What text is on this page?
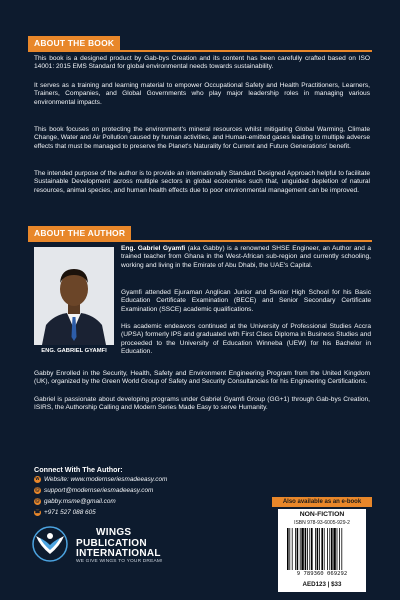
ABOUT THE BOOK

This book is a designed product by Gab-bys Creation and its content has been carefully crafted based on ISO 14001: 2015 EMS Standard for global environmental needs towards sustainability.

It serves as a training and learning material to empower Occupational Safety and Health Practitioners, Learners, Trainers, Companies, and Global Governments who play major leadership roles in managing various environmental impacts.

This book focuses on protecting the environment's mineral resources whilst mitigating Global Warming, Climate Change, Water and Air Pollution caused by human activities, and Human-emitted gases leading to multiple adverse effects that must be managed to preserve the Planet's Naturality for Current and Future Generations' benefit.

The intended purpose of the author is to provide an internationally Standard Designed Approach helpful to facilitate Sustainable Development across multiple sectors in global economies such that, unguided depletion of natural resources, animal species, and human health effects due to poor environmental management can be improved.

ABOUT THE AUTHOR
ENG. GABRIEL GYAMFI

Eng. Gabriel Gyamfi (aka Gabby) is a renowned SHSE Engineer, an Author and a trained teacher from Ghana in the West-African sub-region and currently schooling, working and living in the Emirate of Abu Dhabi, the UAE's Capital.

Gyamfi attended Ejuraman Anglican Junior and Senior High School for his Basic Education Certificate Examination (BECE) and Senior Secondary Certificate Examination (SSCE) academic qualifications.

His academic endeavors continued at the University of Professional Studies Accra (UPSA) formerly IPS and graduated with First Class Diploma in Business Studies and proceeded to the University of Education Winneba (UEW) for his Bachelor in Education.

Gabby Enrolled in the Security, Health, Safety and Environment Engineering Program from the United Kingdom (UK), organized by the Green World Group of Safety and Security Consultancies for his Engineering Certifications.

Gabriel is passionate about developing programs under Gabriel Gyamfi Group (GG+1) through Gab-bys Creation, ISIRS, the Authorship Calling and Modern Series Made Easy to serve Humanity.

Connect With The Author:
w Website: www.modernseriesmadeeasy.com
@ support@modernseriesmadeeasy.com
@ gabby.msme@gmail.com
☎ +971 527 088 605
WINGS
PUBLICATION
INTERNATIONAL
WE GIVE WINGS TO YOUR DREAM!
Also available as an e-book
NON-FICTION
ISBN 978-93-6005-929-2
9 789360 069292
AED123 | $33
